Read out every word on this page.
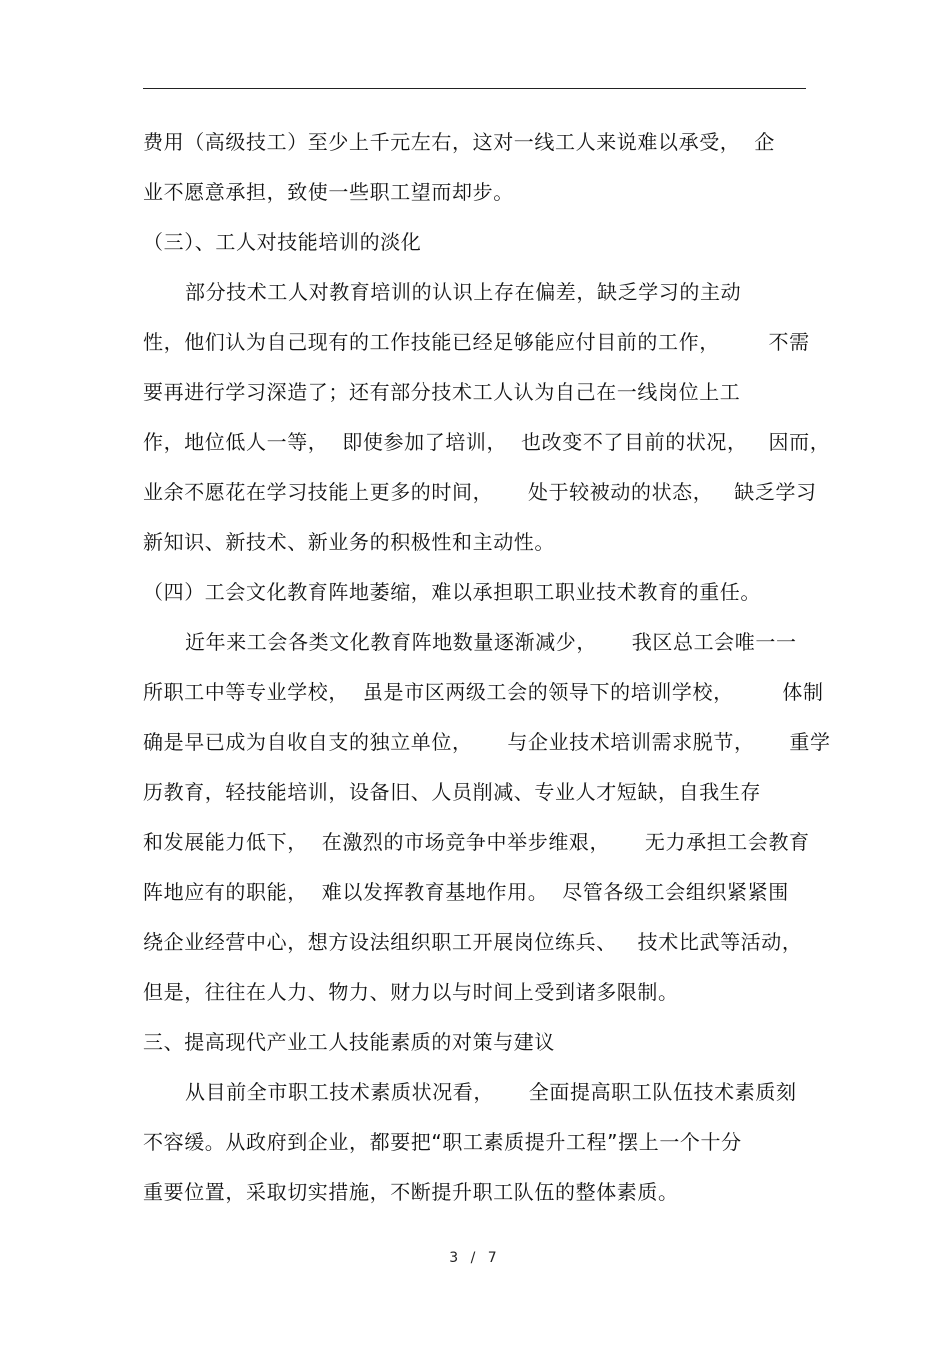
费用（高级技工）至少上千元左右，这对一线工人来说难以承受，  企
业不愿意承担，致使一些职工望而却步。
（三）、工人对技能培训的淡化
部分技术工人对教育培训的认识上存在偏差，缺乏学习的主动
性，他们认为自己现有的工作技能已经足够能应付目前的工作，       不需
要再进行学习深造了；还有部分技术工人认为自己在一线岗位上工
作，地位低人一等，  即使参加了培训，  也改变不了目前的状况，   因而，
业余不愿花在学习技能上更多的时间，     处于较被动的状态，   缺乏学习
新知识、新技术、新业务的积极性和主动性。
（四）工会文化教育阵地萎缩，难以承担职工职业技术教育的重任。
近年来工会各类文化教育阵地数量逐渐减少，     我区总工会唯一一
所职工中等专业学校，  虽是市区两级工会的领导下的培训学校，       体制
确是早已成为自收自支的独立单位，     与企业技术培训需求脱节，     重学
历教育，轻技能培训，设备旧、人员削减、专业人才短缺，自我生存
和发展能力低下，  在激烈的市场竞争中举步维艰，     无力承担工会教育
阵地应有的职能，  难以发挥教育基地作用。  尽管各级工会组织紧紧围
绕企业经营中心，想方设法组织职工开展岗位练兵、   技术比武等活动，
但是，往往在人力、物力、财力以与时间上受到诸多限制。
三、提高现代产业工人技能素质的对策与建议
从目前全市职工技术素质状况看，     全面提高职工队伍技术素质刻
不容缓。从政府到企业，都要把“职工素质提升工程”摆上一个十分
重要位置，采取切实措施，不断提升职工队伍的整体素质。
3 / 7
